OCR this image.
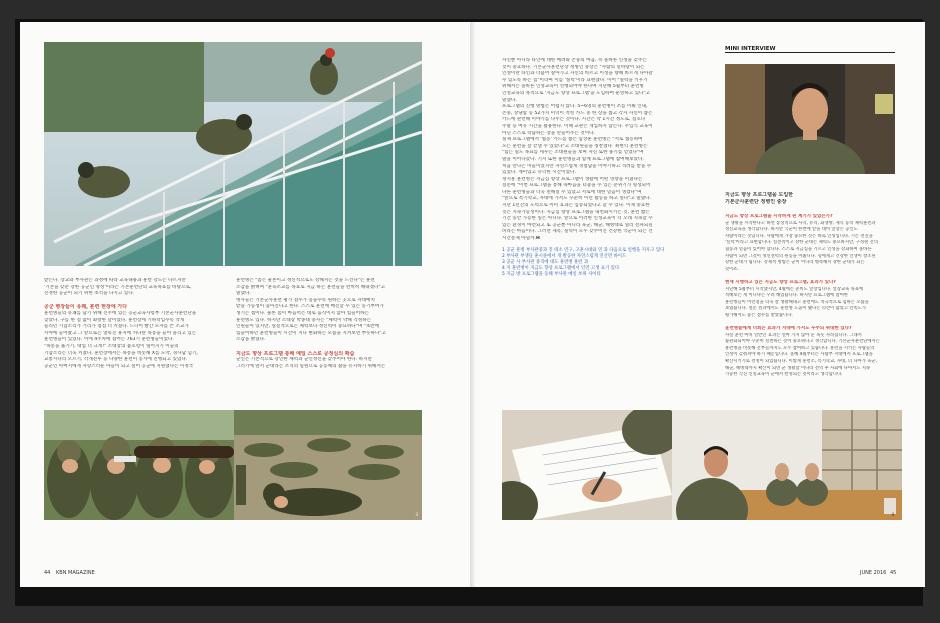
받는다. 장교와 부사관은 과정에 따라 교육내용과 훈련 강도는 다르지만
'기본을 갖춘 강한 공군인 양성'이라는 기본훈련단의 교육목표를 바탕으로,
진정한 공군이 되기 위한 초석을 다지고 있다.
공군 병장들이 유쾌, 훈련 현장에 가다
훈련병들의 유쾌를 담기 위해 진주에 있는 공군교육사령부 기본군사훈련단을
찾았다. 구름 한 점 없이 화창한 날이었다. 훈련장에 기하학입수록 작게
들리던 기합소리가 거리가 점점 더 커졌다. 드디어 빨간 모자를 쓴 조교가
시야에 들어왔고 그 앞으로는 얼룩진 휴지에 커다란 목봉을 들어 올리고 있는
훈련병들이 있었다. 이에 4주차에 접어든 763기 훈련병들이었다.
"목봉을 옮기기, 대업 더 크게!" 소대장의 불호령이 떨어지기 이들의
기합소리는 더욱 커졌다. 훈련장에서는 목봉을 비롯해 X를 도약, 경사담 넘기,
교통시다리 오르기, 각개전투 등 다양한 훈련이 동시에 진행되고 있었다.
공군인 아버지에게 자랑스러운 아들이 되고 싶어 공군에 지원했다는 이정국
훈련병은 "몸은 물론이고 정신적으로도 강해지는 것을 느낀다"는 훈련
소감을 밝혀며 "훈육조교를 목표로 지금 하는 훈련들을 완벽히 해내겠다"고
말했다.
병사들은 기본군사훈련 평가 점수가 높을수록 원하는 곳으로 자대배치
받을 가능성이 높아진다고 한다. 스스로 훈련에 매진할 수 있는 동기부여가
생기는 셈이다. 물론 몸이 마음먹은 대로 움직이지 않아 힘들어하는
훈련병도 있다. 하지만 소대장 박종대 중사는 "체력이 약해 걱정하는
인원들이 있지만, 실질적으로는 체력보다 정신력이 중요하다"며 "초반에
힘들어하던 훈련병들이 시간이 지나 변화하는 모습을 지켜보면 뿌듯하다"고
소감을 밝혔다.
지금도 향상 프로그램 통해 예일 스스로 공정심의 확습
군인은 기본적으로 강인한 체력과 군인정신을 갖추어야 한다. 하지만
그러기에 앞서 군대라는 조직의 일원으로 공동체의 삶을 유지하기 위해서는
3
44 KBN MAGAZINE
자신뿐 아니라 타인에 대한 배려와 존중의 마음, 즉 올바른 인성을 갖추는
것이 중요하다. 기본군사훈련단장 정병인 중장은 "사람의 밑바탕이 되는
인성이란 타인과 더불어 살아가고 자신의 바르고 이성을 향해 바르게 나아갈
수 있도록 하는 힘"이라며 이를 '실력'이라 표현했다. 이어 "실력을 키우기
위해서는 올바른 인성교육이 선행되어야 한다며 지난해 5월부터 훈련병
인성교육의 목적으로 '지금도 향상 프로그램'을 도입하여 운영하고 있다"고
말했다.
프로그램의 진행 방법은 어렵지 않다. 5~6명의 훈련병이 조를 이뤄 인내,
존중, 상냥함 등 52가지 미덕이 적힌 카드 중 한 장을 뽑고 각자 자신이 뽑은
카드에 관련해 이야기를 나누는 것이다. 시간은 약 1시간 정도로, 점호나
주말 등 여유 시간을 활용한다. 이때 교관은 개입하지 않는다. 주입식 교육이
아닌 스스로 학습하는 장을 만들어주는 것이다.
실제 프로그램에서 '협동' 카드를 뽑은 임상훈 훈련병은 "서로 협동하여
모든 훈련을 잘 끝낼 수 있었다"고 소대원들을 칭찬했다. 최현익 훈련병은
"힘든 일도 목표를 세우는 소대원들을 보며 자신 또한 용기를 얻었다"며
말을 이어나갔다. 기지 또한 훈련병들과 함께 프로그램에 참여해보았다.
처음 만나는 이들이었지만 자연스럽게 경험담을 이야기하고 격려를 받을 수
있었다. 재미있고 유익한 시간이었다.
정지훈 훈련병은 지금심 향상 프로그램이 생활에 어떤 영향을 미쳤냐는
질문에 "이번 프로그램을 통해 속마음을 터놓을 수 있는 분위기가 형성되어
다른 훈련병들과 더욱 친해질 수 있었고 서로에 대한 믿음이 생겼다"며
"앞으로 특기학교, 자대에 가서도 꾸준히 이런 활동을 하고 싶다"고 말했다.
지난 1년간의 노력으로 이미 효과는 입증되었다고 할 수 있다. 이제 중요한
것은 지속가능성이다. 지금심 향상 프로그램을 내면화시키는 것, 훈련 짧은
기간 동안 가능한 일은 아니다. 앞으로 이러한 인성교육이 더 오래 지속할 수
있는 환경이 마련되고 또 공군뿐 아니라 육군, 해군, 해병대로 널리 전파되길
바라는 마음이다. 그러면 제복, 실력이 모두 갖추어진 건강한 국군이 되는 건
시간문제 아닐까.H
1 공군 훈병 부사관중과 진 테소 연구, 고훈시대와 연 과 다음으로 일행을 지우고 있다
2 부사관 부생들 훈시플에서 개 발공한 자연스럽게 연산면 바이드
3 공군 사 부사관 중격에 대도 훈련병 훈련 과
4 지 훈련병이 지금도 향상 프로그램에서 인연 고생 표기 있다
5 지금 방 프로그램을 동해 부사관 매일 쏘위 사이티
MINI INTERVIEW
지금도 향상 프로그램을 도입한
기본군사훈련단 정병인 중장
지금도 향상 프로그램을 시작하게 된 계기가 있었는가?
군 생활을 시작한다고 하면 통상적으로 사격, 유격, 화생방, 제식 등의 체력훈련과
정신교육을 생각합니다. 하지만 국군이 한번에 앞을 대비 앞장은 공인도
사람이라는 것입니다. 사람에게 가장 중요한 것은 바로 인성입니다. 기는 전진을
'실력'이라고 표현합니다. 실전적이고 강한 군대는 체력도 중요하지만, 구성원 간의
협동과 믿음이 있어야 합니다. 스스로 지금심을 기르고 인성을 강화하여 올바른
사람이 되면 그것이 정신전력의 원동을 이룹니다. 형에게고 건강한 인생이 창조된
강한 군대가 됩니다. 강제적 방법은 군이 어니라 행복해서 강한 군대가 되는
것이죠.
현재 시행하고 있는 지금도 향상 프로그램, 효과가 있나?
지난해 5월부터 시작했지만, 4월에는 준비도 앞장입니다. 앞장교육 목표에
적해보는 게 이니냐는 우려 해었습니다. 하지만 프로그램에 참여한
훈련병들이 이런점을 더욱 잘 생활해내고 훈련에도 적극적으로 임하는 모습을
보였습니다. 설문 결과에서도 훈련병 도움이 됐다는 의견이 많았고 만족도가
평가해서도 좋은 점수를 받았습니다.
훈련병들에게 너희는 효과가 지대에 가서도 우주되 위대한 있다?
사실 훈련 마치 일반인 효과는 얼마 가지 않아 눈 녹듯 사라집니다. 그래서
습관화되어야 꾸준히 실천하는 것이 중요하다고 생각합니다. 기본군사훈련단에서는
훈련병을 비롯해 간부들까지도 모두 참여하고 있습니다. 훈련을 시키는 사람들의
인성이 갖춰져야 하기 때문입니다. 올해 4월부터는 사람부 지대에서 프로그램을
확산시키기로 결정이 되었습니다. 이렇게 훈련소, 특기학교, 자대, 더 나아가 육군,
해군, 해병대까지 확산이 되면 군 생활할 이나라 전역 후 사회에 나아서도 지속
가능한 각진 인성교육이 군에서 완성되는 것이라고 생각합니다.
4
JUNE 2016 45
